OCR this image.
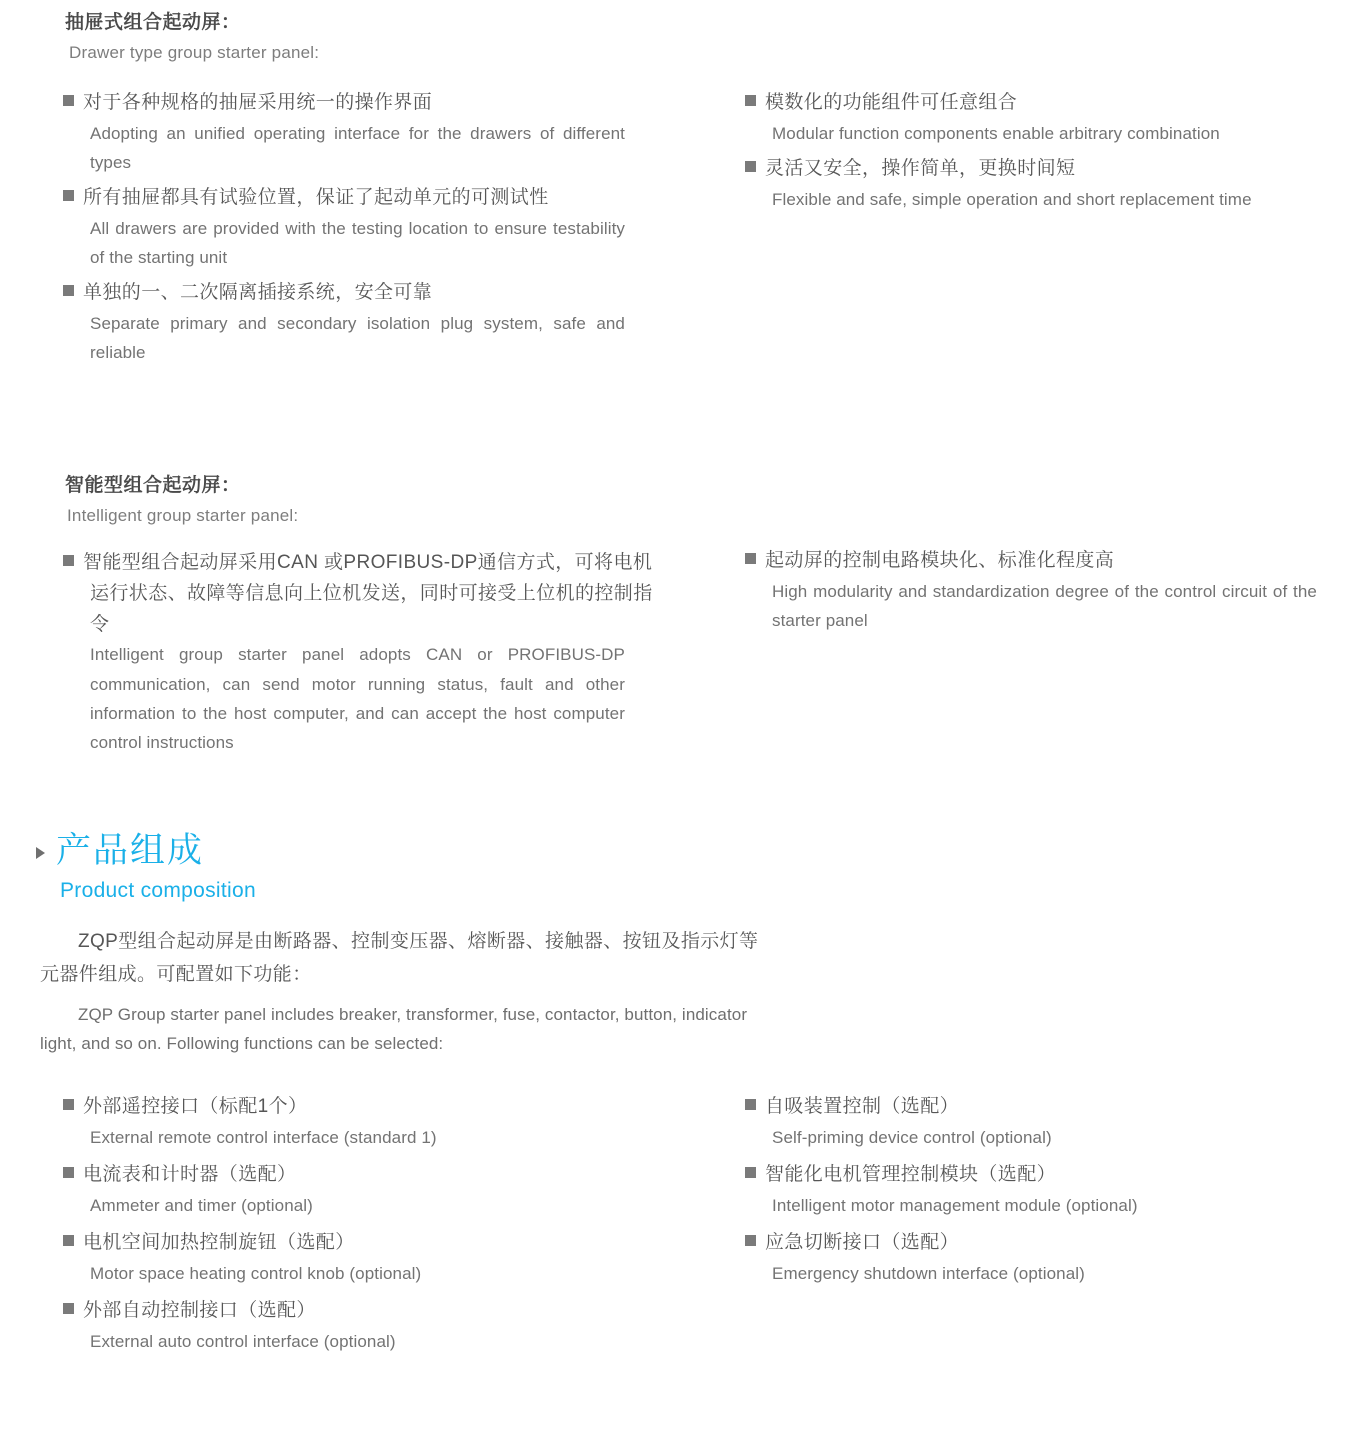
抽屉式组合起动屏：
Drawer type group starter panel:
对于各种规格的抽屉采用统一的操作界面
Adopting an unified operating interface for the drawers of different types
所有抽屉都具有试验位置，保证了起动单元的可测试性
All drawers are provided with the testing location to ensure testability of the starting unit
单独的一、二次隔离插接系统，安全可靠
Separate primary and secondary isolation plug system, safe and reliable
模数化的功能组件可任意组合
Modular function components enable arbitrary combination
灵活又安全，操作简单，更换时间短
Flexible and safe, simple operation and short replacement time
智能型组合起动屏：
Intelligent group starter panel:
智能型组合起动屏采用CAN 或PROFIBUS-DP通信方式，可将电机运行状态、故障等信息向上位机发送，同时可接受上位机的控制指令
Intelligent group starter panel adopts CAN or PROFIBUS-DP communication, can send motor running status, fault and other information to the host computer, and can accept the host computer control instructions
起动屏的控制电路模块化、标准化程度高
High modularity and standardization degree of the control circuit of the starter panel
产品组成
Product composition
ZQP型组合起动屏是由断路器、控制变压器、熔断器、接触器、按钮及指示灯等
元器件组成。可配置如下功能：
ZQP Group starter panel includes breaker, transformer, fuse, contactor, button, indicator
light, and so on. Following functions can be selected:
外部遥控接口（标配1个）
External remote control interface (standard 1)
电流表和计时器（选配）
Ammeter and timer (optional)
电机空间加热控制旋钮（选配）
Motor space heating control knob (optional)
外部自动控制接口（选配）
External auto control interface (optional)
自吸装置控制（选配）
Self-priming device control (optional)
智能化电机管理控制模块（选配）
Intelligent motor management module (optional)
应急切断接口（选配）
Emergency shutdown interface (optional)
